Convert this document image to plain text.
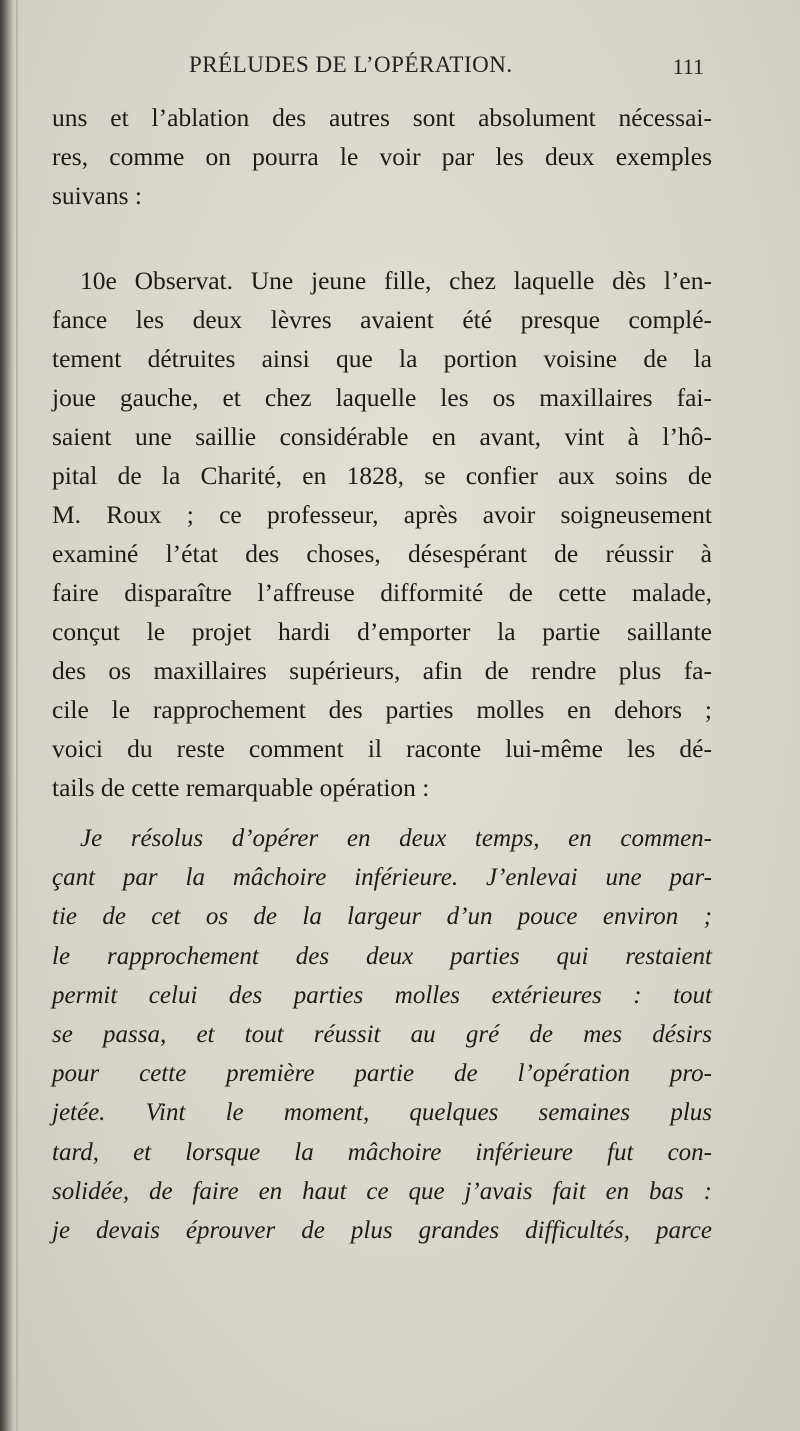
PRÉLUDES DE L’OPÉRATION.	111
uns et l’ablation des autres sont absolument nécessai-
res, comme on pourra le voir par les deux exemples
suivans :
10e Observat. Une jeune fille, chez laquelle dès l’en-
fance les deux lèvres avaient été presque complé-
tement détruites ainsi que la portion voisine de la
joue gauche, et chez laquelle les os maxillaires fai-
saient une saillie considérable en avant, vint à l’hô-
pital de la Charité, en 1828, se confier aux soins de
M. Roux ; ce professeur, après avoir soigneusement
examiné l’état des choses, désespérant de réussir à
faire disparaître l’affreuse difformité de cette malade,
conçut le projet hardi d’emporter la partie saillante
des os maxillaires supérieurs, afin de rendre plus fa-
cile le rapprochement des parties molles en dehors ;
voici du reste comment il raconte lui-même les dé-
tails de cette remarquable opération :
Je résolus d’opérer en deux temps, en commen-
çant par la mâchoire inférieure. J’enlevai une par-
tie de cet os de la largeur d’un pouce environ ;
le rapprochement des deux parties qui restaient
permit celui des parties molles extérieures : tout
se passa, et tout réussit au gré de mes désirs
pour cette première partie de l’opération pro-
jetée. Vint le moment, quelques semaines plus
tard, et lorsque la mâchoire inférieure fut con-
solidée, de faire en haut ce que j’avais fait en bas :
je devais éprouver de plus grandes difficultés, parce
